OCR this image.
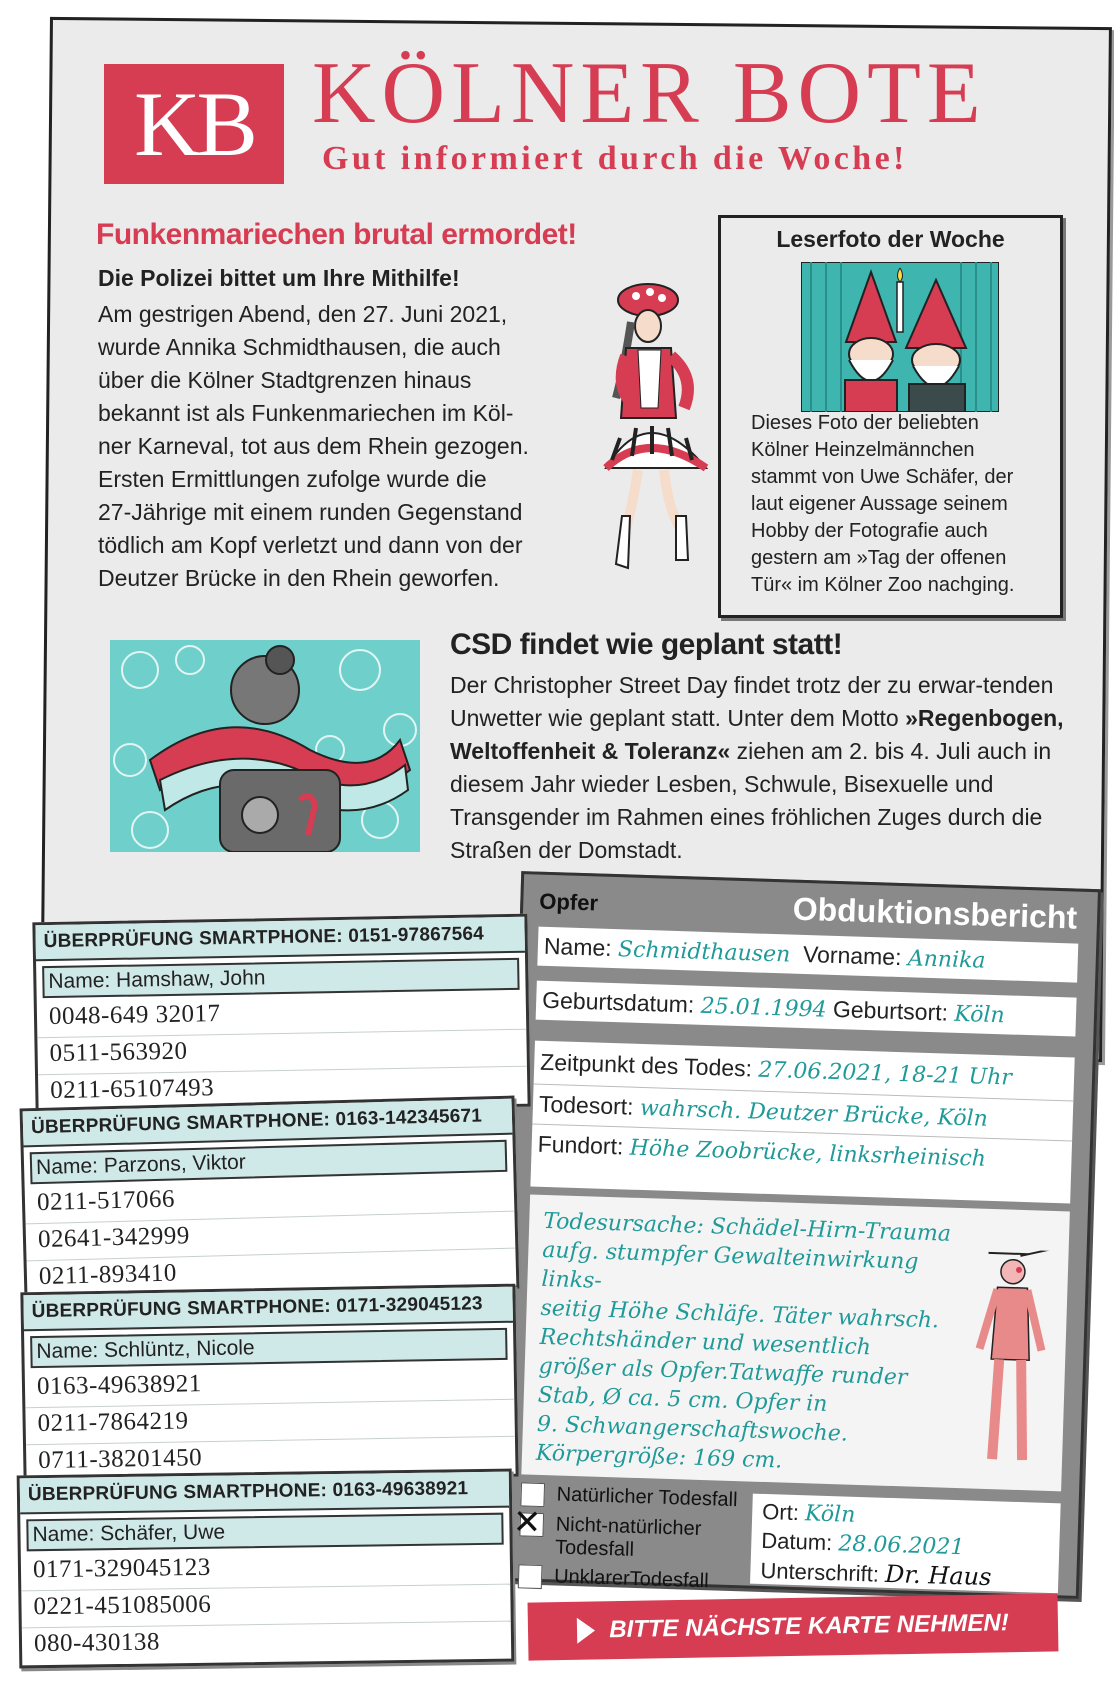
KB KÖLNER BOTE
Gut informiert durch die Woche!
Funkenmariechen brutal ermordet!
Die Polizei bittet um Ihre Mithilfe!
Am gestrigen Abend, den 27. Juni 2021,
wurde Annika Schmidthausen, die auch
über die Kölner Stadtgrenzen hinaus
bekannt ist als Funkenmariechen im Köl-
ner Karneval, tot aus dem Rhein gezogen.
Ersten Ermittlungen zufolge wurde die
27-Jährige mit einem runden Gegenstand
tödlich am Kopf verletzt und dann von der
Deutzer Brücke in den Rhein geworfen.
Leserfoto der Woche
Dieses Foto der beliebten
Kölner Heinzelmännchen
stammt von Uwe Schäfer, der
laut eigener Aussage seinem
Hobby der Fotografie auch
gestern am »Tag der offenen
Tür« im Kölner Zoo nachging.
CSD findet wie geplant statt!
Der Christopher Street Day findet trotz der zu erwar-tenden Unwetter wie geplant statt. Unter dem Motto »Regenbogen, Weltoffenheit & Toleranz« ziehen am 2. bis 4. Juli auch in diesem Jahr wieder Lesben, Schwule, Bisexuelle und Transgender im Rahmen eines fröhlichen Zuges durch die Straßen der Domstadt.
Opfer	Obduktionsbericht
Name: Schmidthausen Vorname: Annika
Geburtsdatum: 25.01.1994 Geburtsort: Köln
Zeitpunkt des Todes: 27.06.2021, 18-21 Uhr
Todesort: wahrsch. Deutzer Brücke, Köln
Fundort: Höhe Zoobrücke, linksrheinisch
Todesursache: Schädel-Hirn-Trauma
aufg. stumpfer Gewalteinwirkung links-
seitig Höhe Schläfe. Täter wahrsch.
Rechtshänder und wesentlich
größer als Opfer.Tatwaffe runder
Stab, Ø ca. 5 cm. Opfer in
9. Schwangerschaftswoche.
Körpergröße: 169 cm.
Natürlicher Todesfall
✕ Nicht-natürlicher Todesfall
UnklarerTodesfall
Ort: Köln
Datum: 28.06.2021
Unterschrift: Dr. Haus
ÜBERPRÜFUNG SMARTPHONE: 0151-97867564
Name: Hamshaw, John
0048-649 32017
0511-563920
0211-65107493
ÜBERPRÜFUNG SMARTPHONE: 0163-142345671
Name: Parzons, Viktor
0211-517066
02641-342999
0211-893410
ÜBERPRÜFUNG SMARTPHONE: 0171-329045123
Name: Schlüntz, Nicole
0163-49638921
0211-7864219
0711-38201450
ÜBERPRÜFUNG SMARTPHONE: 0163-49638921
Name: Schäfer, Uwe
0171-329045123
0221-451085006
080-430138	BITTE NÄCHSTE KARTE NEHMEN!
